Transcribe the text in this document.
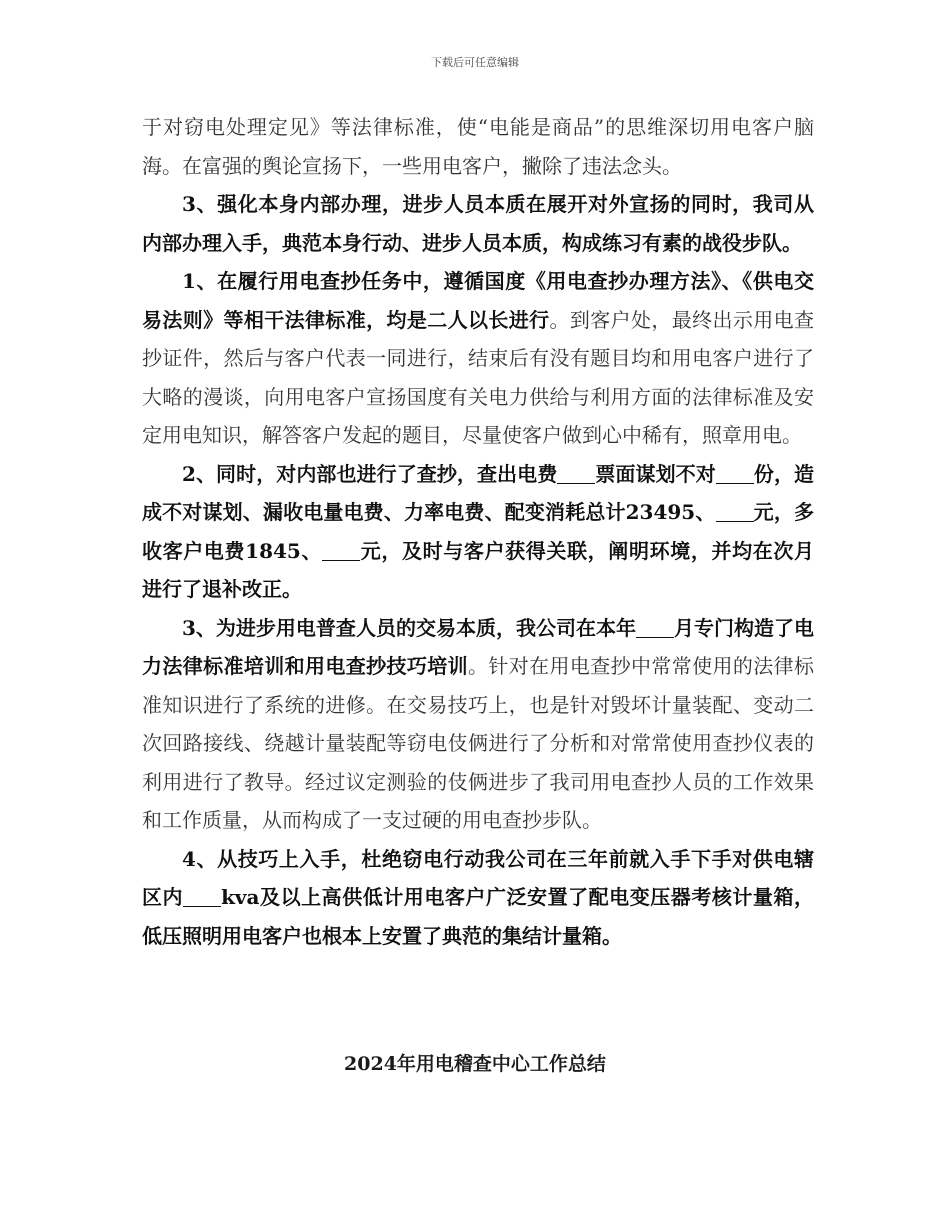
下载后可任意编辑

于对窃电处理定见》等法律标准，使“电能是商品”的思维深切用电客户脑海。在富强的舆论宣扬下，一些用电客户，撇除了违法念头。

3、强化本身内部办理，进步人员本质在展开对外宣扬的同时，我司从内部办理入手，典范本身行动、进步人员本质，构成练习有素的战役步队。

1、在履行用电查抄任务中，遵循国度《用电查抄办理方法》、《供电交易法则》等相干法律标准，均是二人以长进行。到客户处，最终出示用电查抄证件，然后与客户代表一同进行，结束后有没有题目均和用电客户进行了大略的漫谈，向用电客户宣扬国度有关电力供给与利用方面的法律标准及安定用电知识，解答客户发起的题目，尽量使客户做到心中稀有，照章用电。

2、同时，对内部也进行了查抄，查出电费 票面谋划不对 份，造成不对谋划、漏收电量电费、力率电费、配变消耗总计23495、 元，多收客户电费1845、 元，及时与客户获得关联，阐明环境，并均在次月进行了退补改正。

3、为进步用电普查人员的交易本质，我公司在本年 月专门构造了电力法律标准培训和用电查抄技巧培训。针对在用电查抄中常常使用的法律标准知识进行了系统的进修。在交易技巧上，也是针对毁坏计量装配、变动二次回路接线、绕越计量装配等窃电伎俩进行了分析和对常常使用查抄仪表的利用进行了教导。经过议定测验的伎俩进步了我司用电查抄人员的工作效果和工作质量，从而构成了一支过硬的用电查抄步队。

4、从技巧上入手，杜绝窃电行动我公司在三年前就入手下手对供电辖区内 kva及以上高供低计用电客户广泛安置了配电变压器考核计量箱，低压照明用电客户也根本上安置了典范的集结计量箱。

2024年用电稽查中心工作总结
